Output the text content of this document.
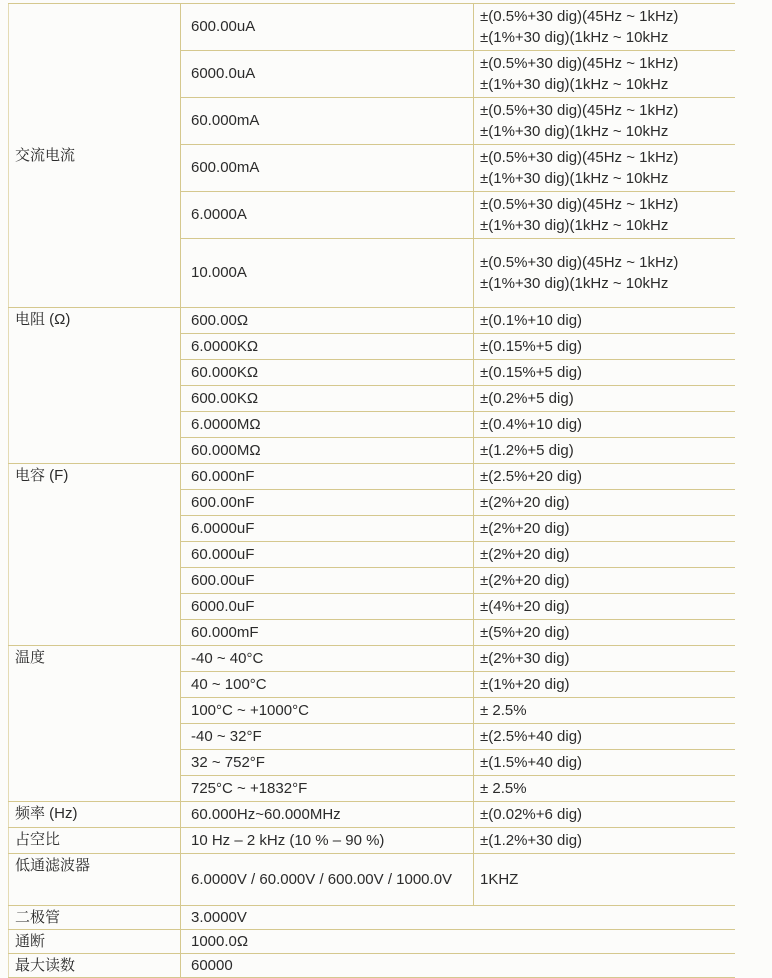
交流电流	600.00uA	±(0.5%+30 dig)(45Hz ~ 1kHz)
±(1%+30 dig)(1kHz ~ 10kHz

	6000.0uA	±(0.5%+30 dig)(45Hz ~ 1kHz)
±(1%+30 dig)(1kHz ~ 10kHz

	60.000mA	±(0.5%+30 dig)(45Hz ~ 1kHz)
±(1%+30 dig)(1kHz ~ 10kHz

	600.00mA	±(0.5%+30 dig)(45Hz ~ 1kHz)
±(1%+30 dig)(1kHz ~ 10kHz

	6.0000A	±(0.5%+30 dig)(45Hz ~ 1kHz)
±(1%+30 dig)(1kHz ~ 10kHz

	10.000A	±(0.5%+30 dig)(45Hz ~ 1kHz)
±(1%+30 dig)(1kHz ~ 10kHz

电阻 (Ω)	600.00Ω	±(0.1%+10 dig)

	6.0000KΩ	±(0.15%+5 dig)

	60.000KΩ	±(0.15%+5 dig)

	600.00KΩ	±(0.2%+5 dig)

	6.0000MΩ	±(0.4%+10 dig)

	60.000MΩ	±(1.2%+5 dig)

电容 (F)	60.000nF	±(2.5%+20 dig)

	600.00nF	±(2%+20 dig)

	6.0000uF	±(2%+20 dig)

	60.000uF	±(2%+20 dig)

	600.00uF	±(2%+20 dig)

	6000.0uF	±(4%+20 dig)

	60.000mF	±(5%+20 dig)

温度	-40 ~ 40°C	±(2%+30 dig)

	40 ~ 100°C	±(1%+20 dig)

	100°C ~ +1000°C	± 2.5%

	-40 ~ 32°F	±(2.5%+40 dig)

	32 ~ 752°F	±(1.5%+40 dig)

	725°C ~ +1832°F	± 2.5%

频率 (Hz)	60.000Hz~60.000MHz	±(0.02%+6 dig)

占空比	10 Hz – 2 kHz (10 % – 90 %)	±(1.2%+30 dig)

低通滤波器	6.0000V / 60.000V / 600.00V / 1000.0V	1KHZ

二极管	3.0000V	
通断	1000.0Ω	
最大读数	60000	
